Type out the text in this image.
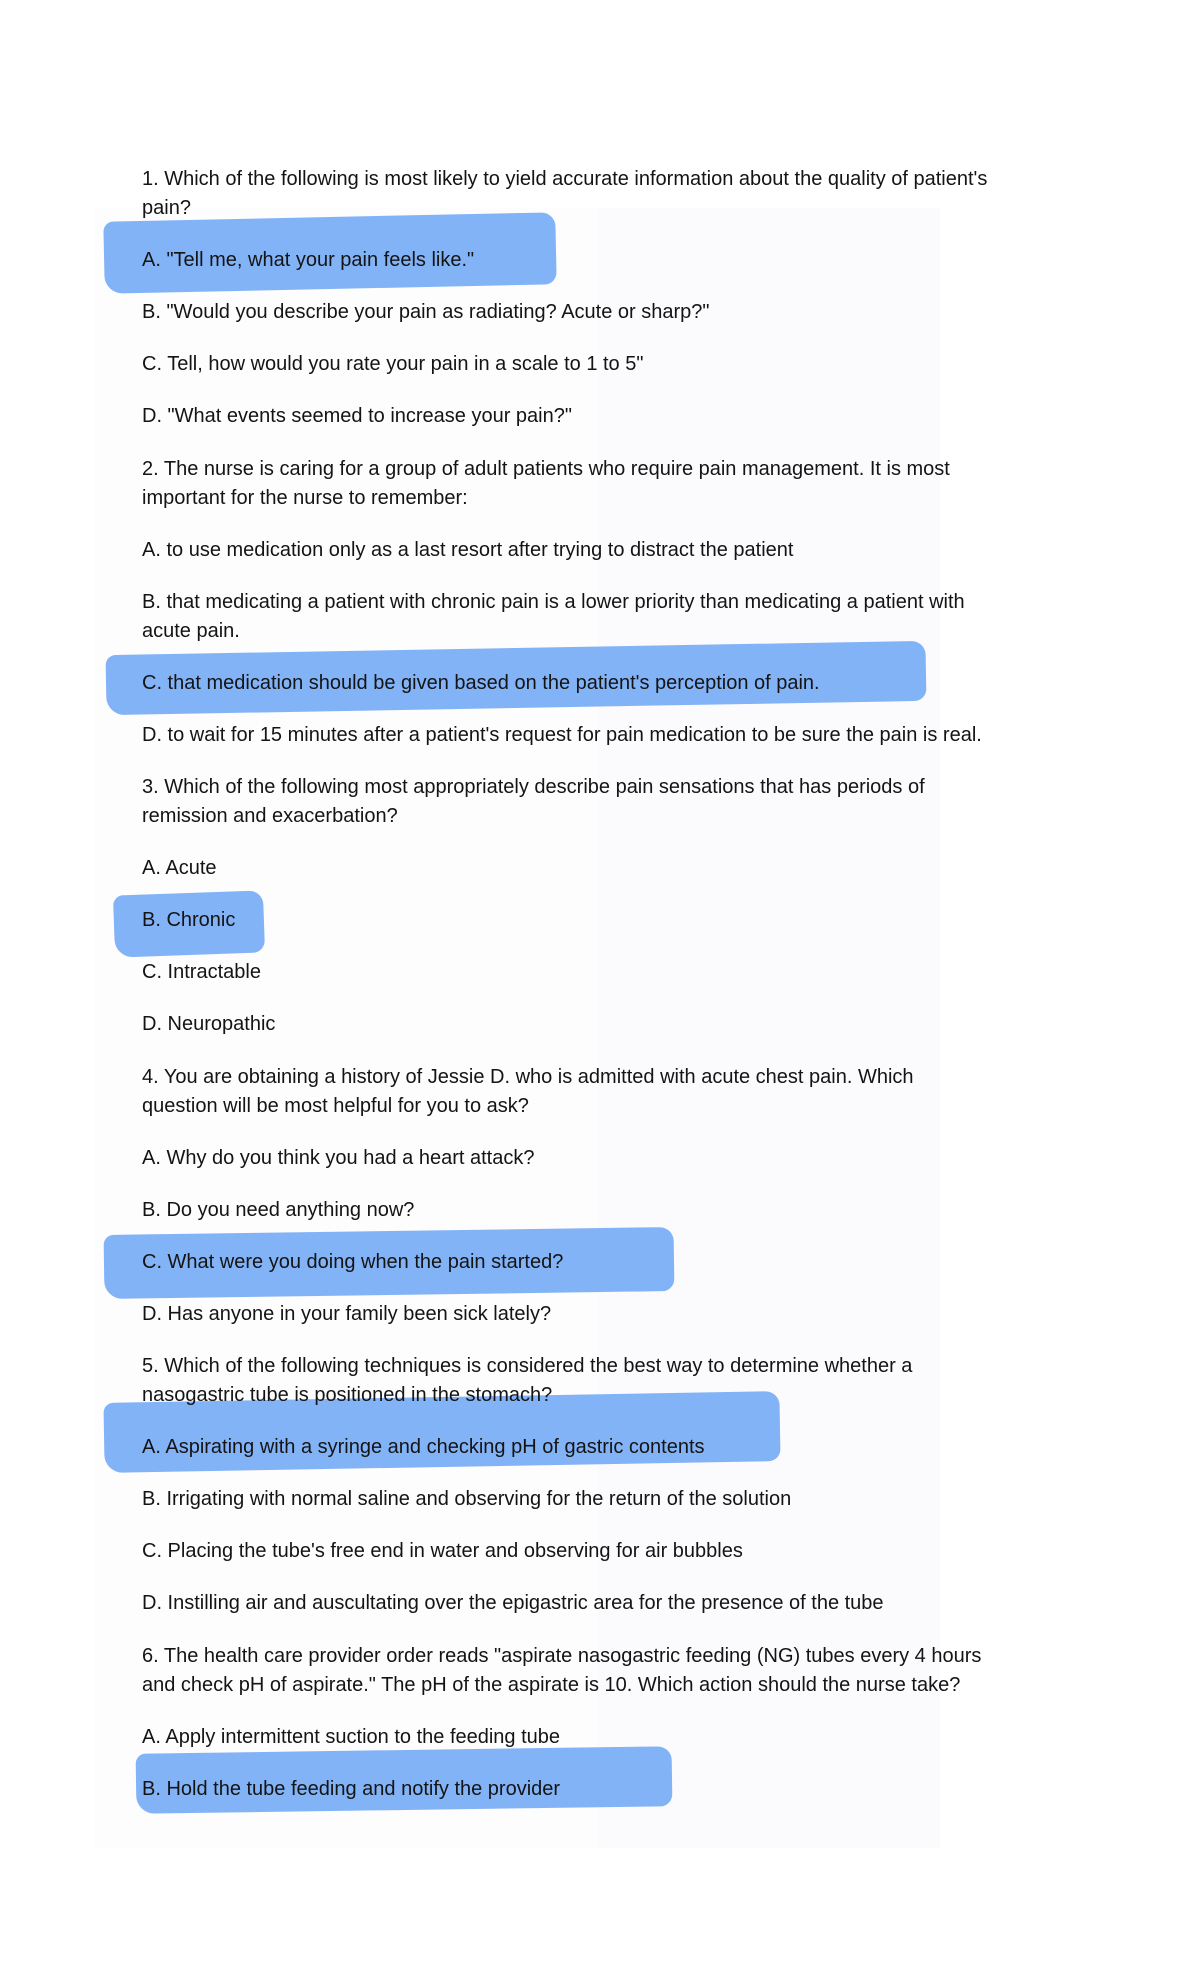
1. Which of the following is most likely to yield accurate information about the quality of patient's
pain?
A. "Tell me, what your pain feels like."
B. "Would you describe your pain as radiating? Acute or sharp?"
C. Tell, how would you rate your pain in a scale to 1 to 5"
D. "What events seemed to increase your pain?"
2. The nurse is caring for a group of adult patients who require pain management. It is most
important for the nurse to remember:
A. to use medication only as a last resort after trying to distract the patient
B. that medicating a patient with chronic pain is a lower priority than medicating a patient with
acute pain.
C. that medication should be given based on the patient's perception of pain.
D. to wait for 15 minutes after a patient's request for pain medication to be sure the pain is real.
3. Which of the following most appropriately describe pain sensations that has periods of
remission and exacerbation?
A. Acute
B. Chronic
C. Intractable
D. Neuropathic
4. You are obtaining a history of Jessie D. who is admitted with acute chest pain. Which
question will be most helpful for you to ask?
A. Why do you think you had a heart attack?
B. Do you need anything now?
C. What were you doing when the pain started?
D. Has anyone in your family been sick lately?
5. Which of the following techniques is considered the best way to determine whether a
nasogastric tube is positioned in the stomach?
A. Aspirating with a syringe and checking pH of gastric contents
B. Irrigating with normal saline and observing for the return of the solution
C. Placing the tube's free end in water and observing for air bubbles
D. Instilling air and auscultating over the epigastric area for the presence of the tube
6. The health care provider order reads "aspirate nasogastric feeding (NG) tubes every 4 hours
and check pH of aspirate." The pH of the aspirate is 10. Which action should the nurse take?
A. Apply intermittent suction to the feeding tube
B. Hold the tube feeding and notify the provider
